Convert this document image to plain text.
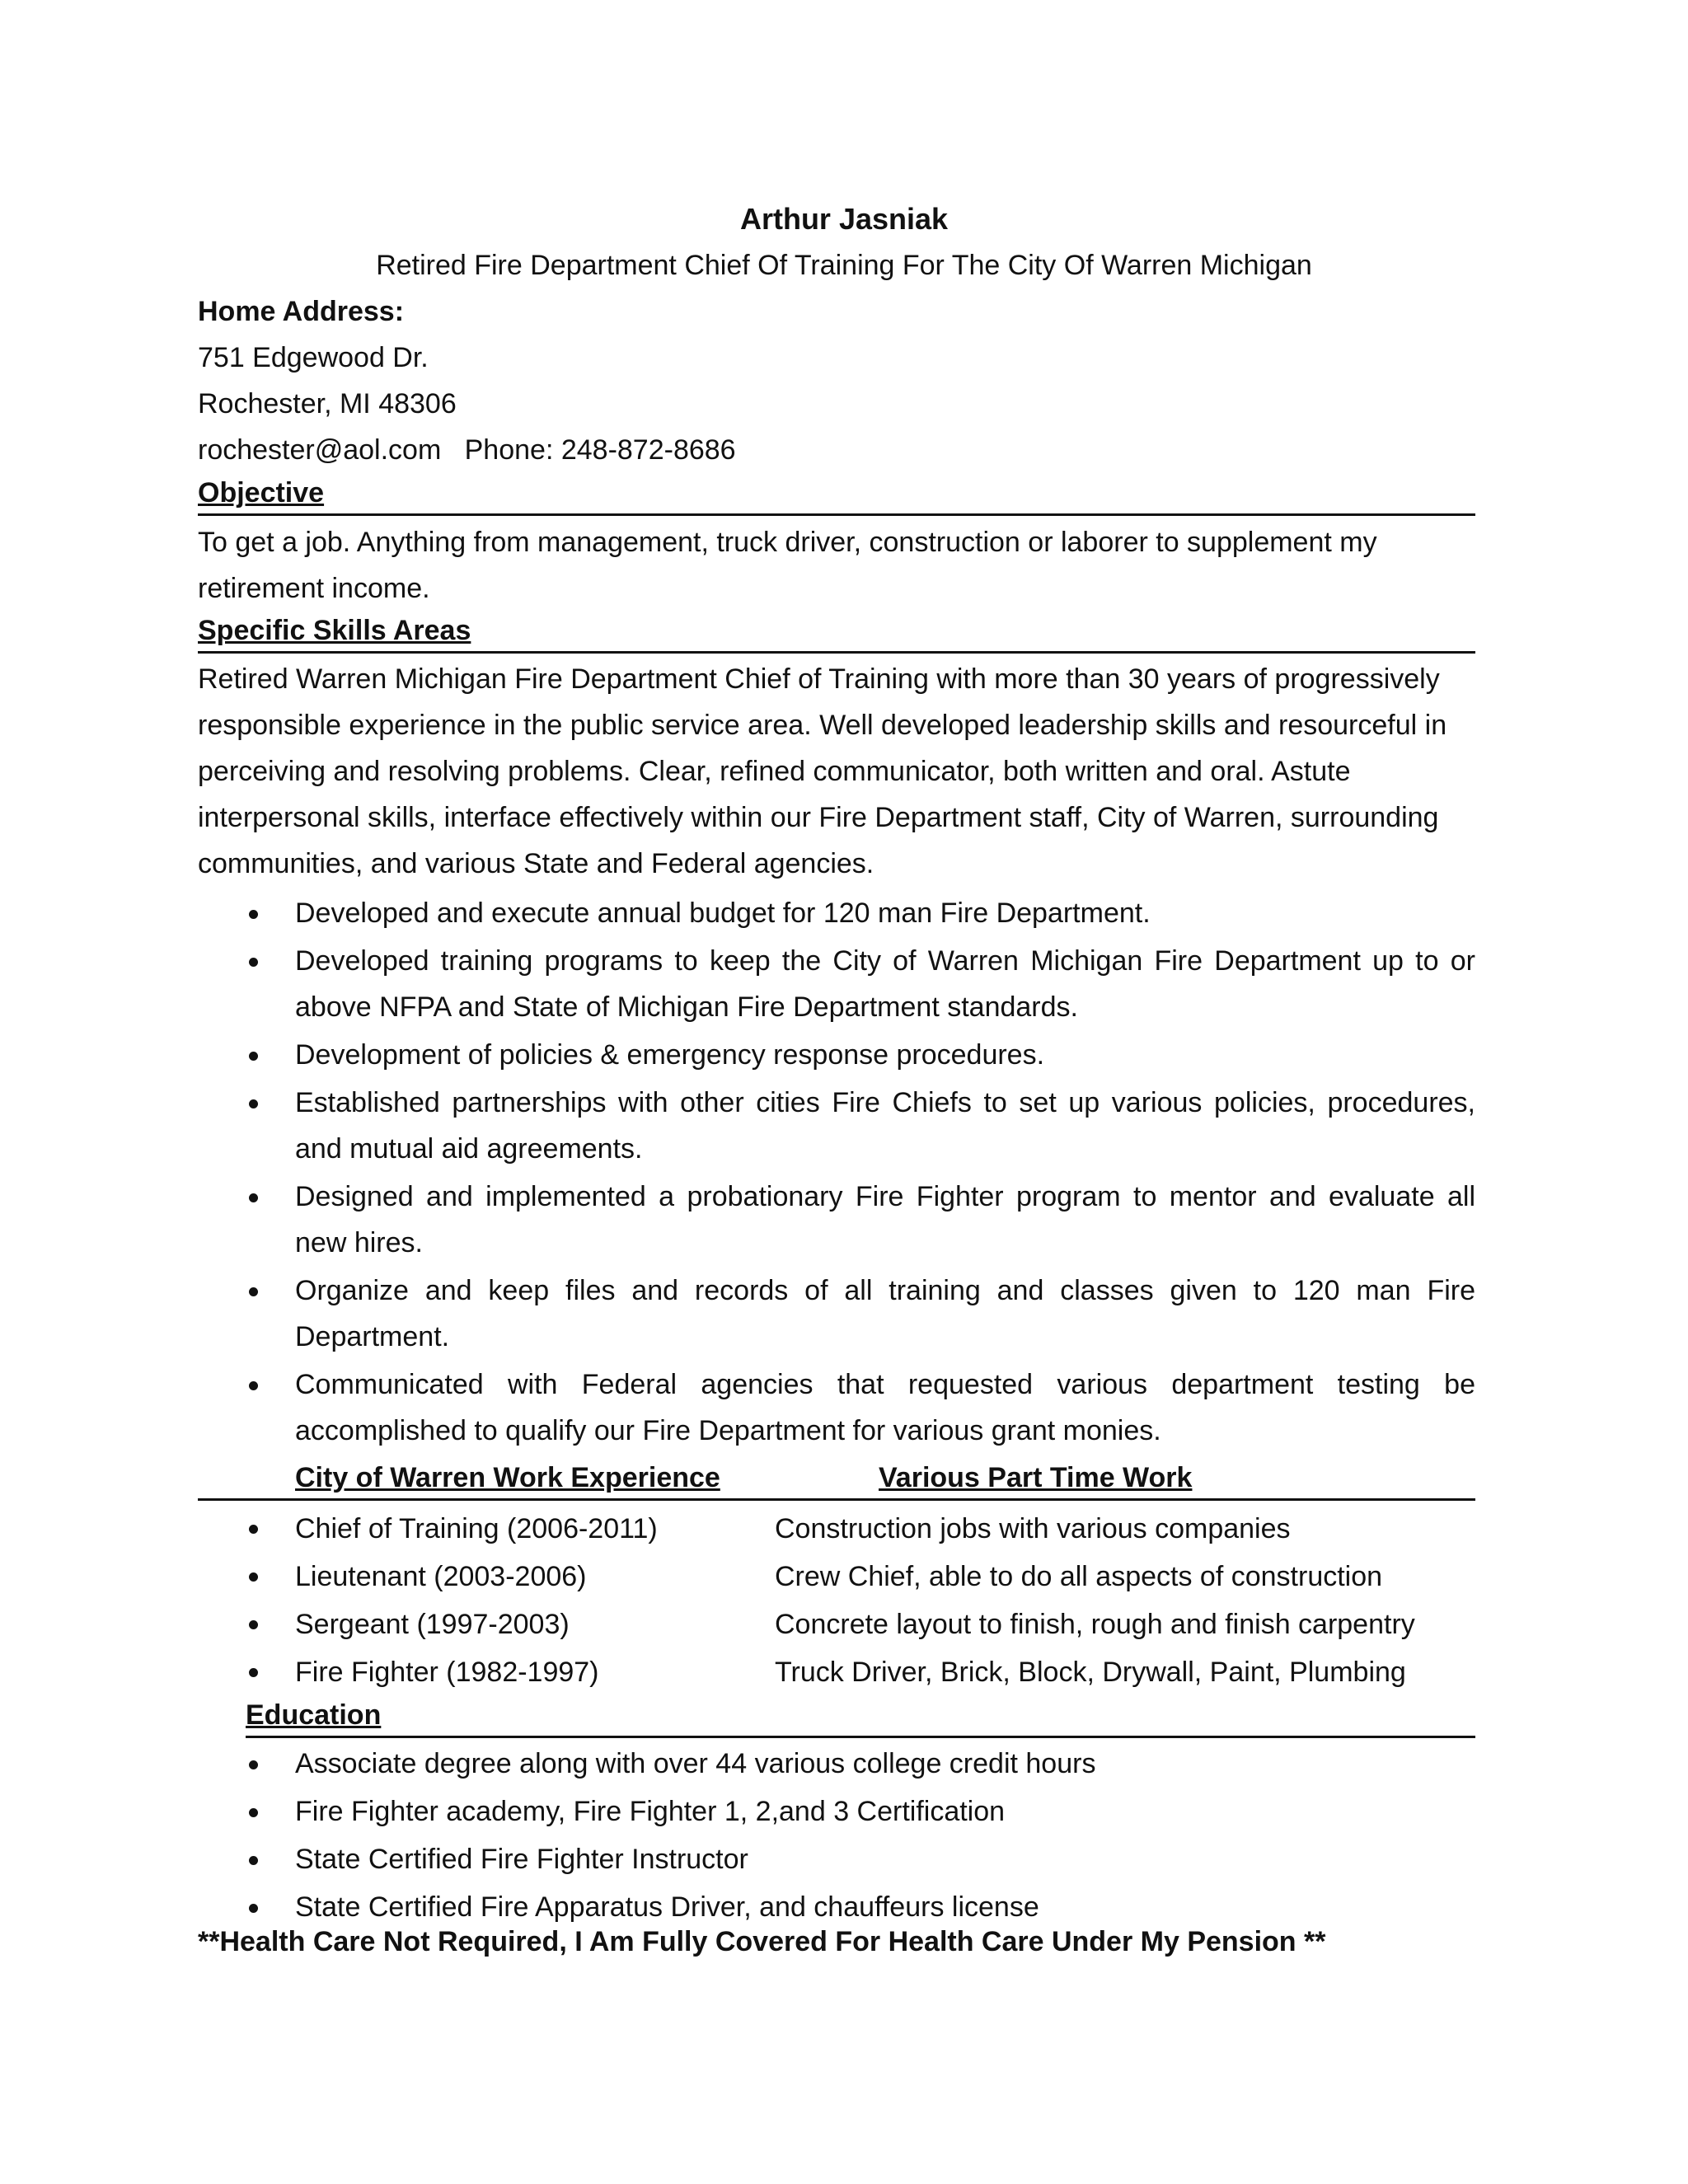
Arthur Jasniak
Retired Fire Department Chief Of Training For The City Of Warren Michigan
Home Address:
751 Edgewood Dr.
Rochester, MI 48306
rochester@aol.com   Phone: 248-872-8686
Objective
To get a job. Anything from management, truck driver, construction or laborer to supplement my retirement income.
Specific Skills Areas
Retired Warren Michigan Fire Department Chief of Training with more than 30 years of progressively responsible experience in the public service area. Well developed leadership skills and resourceful in perceiving and resolving problems. Clear, refined communicator, both written and oral. Astute interpersonal skills, interface effectively within our Fire Department staff, City of Warren, surrounding communities, and various State and Federal agencies.
Developed and execute annual budget for 120 man Fire Department.
Developed training programs to keep the City of Warren Michigan Fire Department up to or above NFPA and State of Michigan Fire Department standards.
Development of policies & emergency response procedures.
Established partnerships with other cities Fire Chiefs to set up various policies, procedures, and mutual aid agreements.
Designed and implemented a probationary Fire Fighter program to mentor and evaluate all new hires.
Organize and keep files and records of all training and classes given to 120 man Fire Department.
Communicated with Federal agencies that requested various department testing be accomplished to qualify our Fire Department for various grant monies.
City of Warren Work Experience	Various Part Time Work
Chief of Training (2006-2011)	Construction jobs with various companies
Lieutenant (2003-2006)	Crew Chief, able to do all aspects of construction
Sergeant (1997-2003)	Concrete layout to finish, rough and finish carpentry
Fire Fighter (1982-1997)	Truck Driver, Brick, Block, Drywall, Paint, Plumbing
Education
Associate degree along with over 44 various college credit hours
Fire Fighter academy, Fire Fighter 1, 2,and 3 Certification
State Certified Fire Fighter Instructor
State Certified Fire Apparatus Driver, and chauffeurs license
**Health Care Not Required, I Am Fully Covered For Health Care Under My Pension **
